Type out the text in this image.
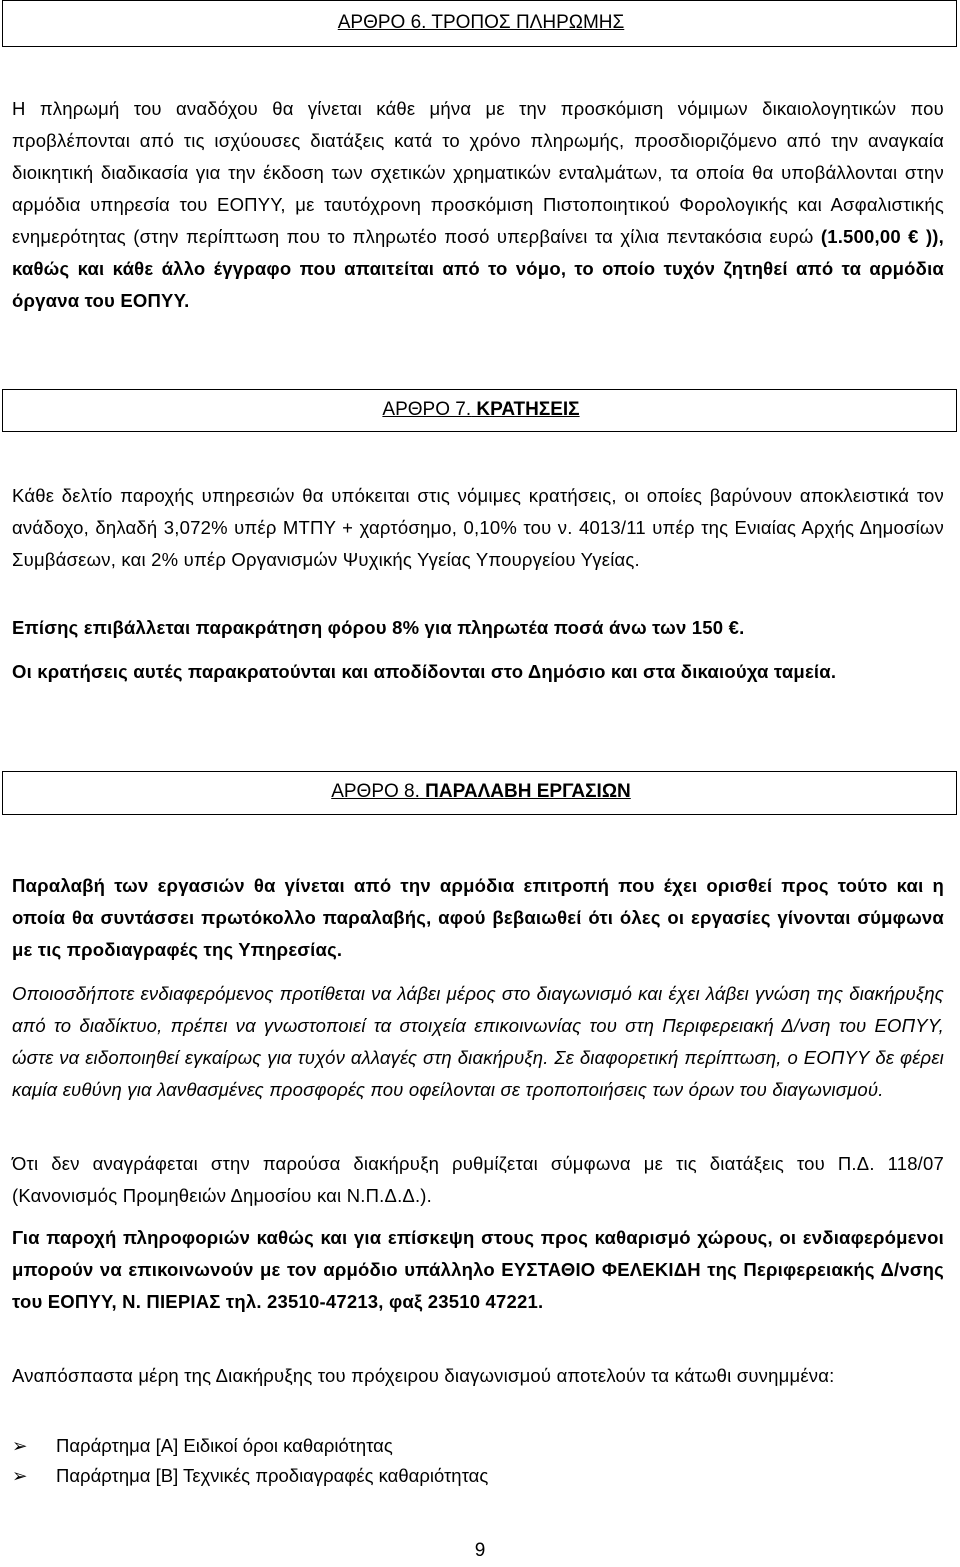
ΑΡΘΡΟ 6. ΤΡΟΠΟΣ ΠΛΗΡΩΜΗΣ

Η πληρωμή του αναδόχου θα γίνεται κάθε μήνα με την προσκόμιση νόμιμων δικαιολογητικών που προβλέπονται από τις ισχύουσες διατάξεις κατά το χρόνο πληρωμής, προσδιοριζόμενο από την αναγκαία διοικητική διαδικασία για την έκδοση των σχετικών χρηματικών ενταλμάτων, τα οποία θα υποβάλλονται στην αρμόδια υπηρεσία του ΕΟΠΥΥ, με ταυτόχρονη προσκόμιση Πιστοποιητικού Φορολογικής και Ασφαλιστικής ενημερότητας (στην περίπτωση που το πληρωτέο ποσό υπερβαίνει τα χίλια πεντακόσια ευρώ (1.500,00 € )), καθώς και κάθε άλλο έγγραφο που απαιτείται από το νόμο, το οποίο τυχόν ζητηθεί από τα αρμόδια όργανα του ΕΟΠΥΥ.

ΑΡΘΡΟ 7. ΚΡΑΤΗΣΕΙΣ

Κάθε δελτίο παροχής υπηρεσιών θα υπόκειται στις νόμιμες κρατήσεις, οι οποίες βαρύνουν αποκλειστικά τον ανάδοχο, δηλαδή 3,072% υπέρ ΜΤΠΥ + χαρτόσημο, 0,10% του ν. 4013/11 υπέρ της Ενιαίας Αρχής Δημοσίων Συμβάσεων, και 2% υπέρ Οργανισμών Ψυχικής Υγείας Υπουργείου Υγείας.

Επίσης επιβάλλεται παρακράτηση φόρου 8% για πληρωτέα ποσά άνω των 150 €.

Οι κρατήσεις αυτές παρακρατούνται και αποδίδονται στο Δημόσιο και στα δικαιούχα ταμεία.

ΑΡΘΡΟ 8. ΠΑΡΑΛΑΒΗ ΕΡΓΑΣΙΩΝ

Παραλαβή των εργασιών θα γίνεται από την αρμόδια επιτροπή που έχει ορισθεί προς τούτο και η οποία θα συντάσσει πρωτόκολλο παραλαβής, αφού βεβαιωθεί ότι όλες οι εργασίες γίνονται σύμφωνα με τις προδιαγραφές της Υπηρεσίας.

Οποιοσδήποτε ενδιαφερόμενος προτίθεται να λάβει μέρος στο διαγωνισμό και έχει λάβει γνώση της διακήρυξης από το διαδίκτυο, πρέπει να γνωστοποιεί τα στοιχεία επικοινωνίας του στη Περιφερειακή Δ/νση του ΕΟΠΥΥ, ώστε να ειδοποιηθεί εγκαίρως για τυχόν αλλαγές στη διακήρυξη. Σε διαφορετική περίπτωση, ο ΕΟΠΥΥ δε φέρει καμία ευθύνη για λανθασμένες προσφορές που οφείλονται σε τροποποιήσεις των όρων του διαγωνισμού.

Ότι δεν αναγράφεται στην παρούσα διακήρυξη ρυθμίζεται σύμφωνα με τις διατάξεις του Π.Δ. 118/07 (Κανονισμός Προμηθειών Δημοσίου και Ν.Π.Δ.Δ.).

Για παροχή πληροφοριών καθώς και για επίσκεψη στους προς καθαρισμό χώρους, οι ενδιαφερόμενοι μπορούν να επικοινωνούν με τον αρμόδιο υπάλληλο ΕΥΣΤΑΘΙΟ ΦΕΛΕΚΙΔΗ της Περιφερειακής Δ/νσης του ΕΟΠΥΥ, Ν. ΠΙΕΡΙΑΣ τηλ. 23510-47213, φαξ 23510 47221.

Αναπόσπαστα μέρη της Διακήρυξης του πρόχειρου διαγωνισμού αποτελούν τα κάτωθι συνημμένα:

➢ Παράρτημα [Α] Ειδικοί όροι καθαριότητας
➢ Παράρτημα [Β] Τεχνικές προδιαγραφές καθαριότητας
9
